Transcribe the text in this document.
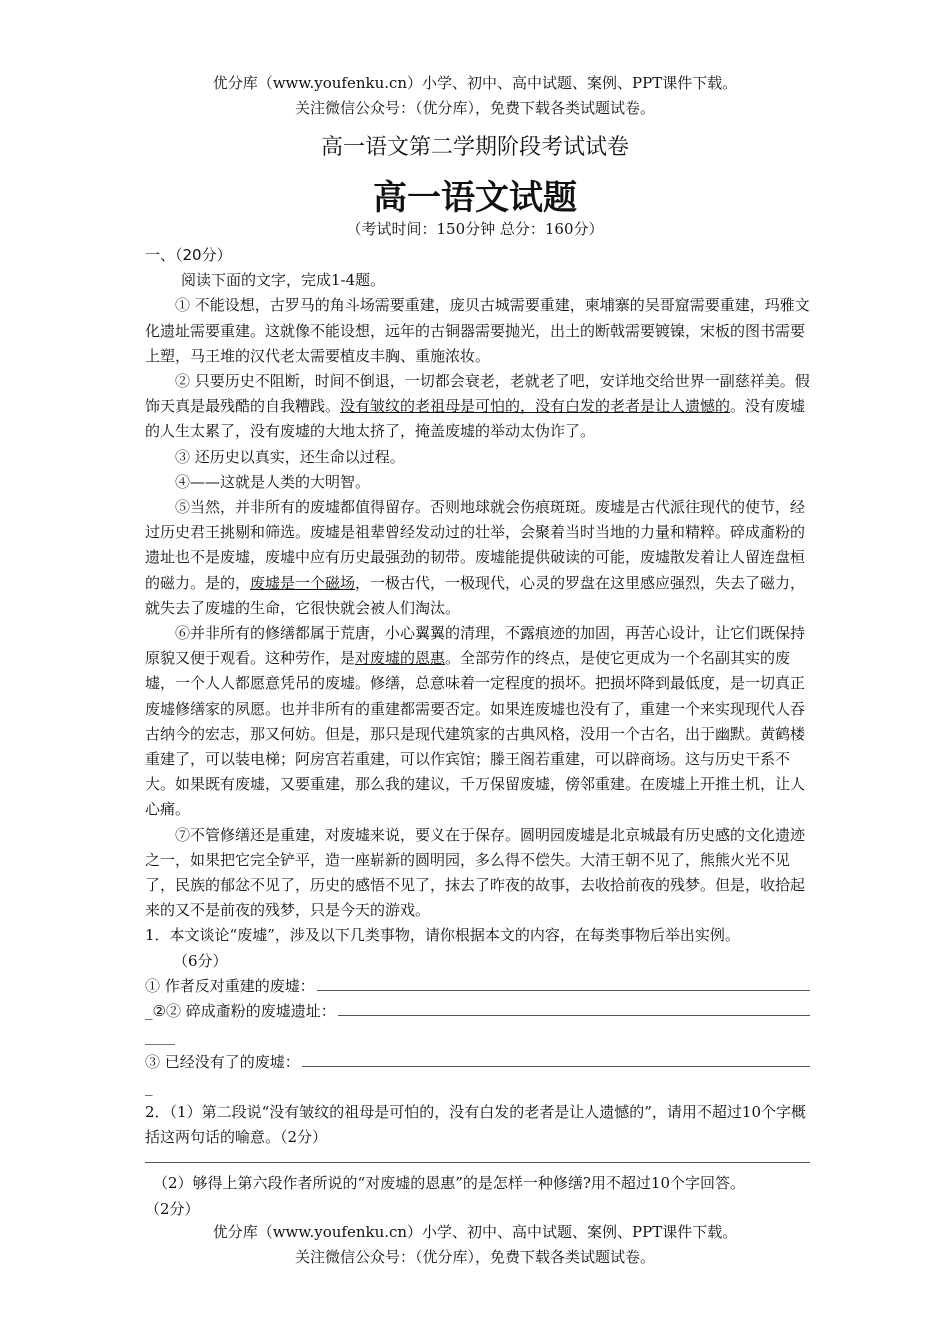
优分库（www.youfenku.cn）小学、初中、高中试题、案例、PPT课件下载。
关注微信公众号：（优分库），免费下载各类试题试卷。
高一语文第二学期阶段考试试卷
高一语文试题
（考试时间：150分钟 总分：160分）

一、（20分）

阅读下面的文字，完成1-4题。

① 不能设想，古罗马的角斗场需要重建，庞贝古城需要重建，柬埔寨的吴哥窟需要重建，玛雅文化遗址需要重建。这就像不能设想，远年的古铜器需要抛光，出土的断戟需要镀镍，宋板的图书需要上塑，马王堆的汉代老太需要植皮丰胸、重施浓妆。

② 只要历史不阻断，时间不倒退，一切都会衰老，老就老了吧，安详地交给世界一副慈祥美。假饰天真是最残酷的自我糟践。没有皱纹的老祖母是可怕的，没有白发的老者是让人遗憾的。没有废墟的人生太累了，没有废墟的大地太挤了，掩盖废墟的举动太伪诈了。

③ 还历史以真实，还生命以过程。

④——这就是人类的大明智。

⑤当然，并非所有的废墟都值得留存。否则地球就会伤痕斑斑。废墟是古代派往现代的使节，经过历史君王挑剔和筛选。废墟是祖辈曾经发动过的壮举，会聚着当时当地的力量和精粹。碎成齑粉的遗址也不是废墟，废墟中应有历史最强劲的韧带。废墟能提供破读的可能，废墟散发着让人留连盘桓的磁力。是的，废墟是一个磁场，一极古代，一极现代，心灵的罗盘在这里感应强烈，失去了磁力，就失去了废墟的生命，它很快就会被人们淘汰。

⑥并非所有的修缮都属于荒唐，小心翼翼的清理，不露痕迹的加固，再苦心设计，让它们既保持原貌又便于观看。这种劳作，是对废墟的恩惠。全部劳作的终点，是使它更成为一个名副其实的废墟，一个人人都愿意凭吊的废墟。修缮，总意味着一定程度的损坏。把损坏降到最低度，是一切真正废墟修缮家的夙愿。也并非所有的重建都需要否定。如果连废墟也没有了，重建一个来实现现代人吞古纳今的宏志，那又何妨。但是，那只是现代建筑家的古典风格，没用一个古名，出于幽默。黄鹤楼重建了，可以装电梯；阿房宫若重建，可以作宾馆；滕王阁若重建，可以辟商场。这与历史干系不大。如果既有废墟，又要重建，那么我的建议，千万保留废墟，傍邻重建。在废墟上开推土机，让人心痛。

⑦不管修缮还是重建，对废墟来说，要义在于保存。圆明园废墟是北京城最有历史感的文化遗迹之一，如果把它完全铲平，造一座崭新的圆明园，多么得不偿失。大清王朝不见了，熊熊火光不见了，民族的郁忿不见了，历史的感悟不见了，抹去了昨夜的故事，去收拾前夜的残梦。但是，收拾起来的又不是前夜的残梦，只是今天的游戏。

1．本文谈论“废墟”，涉及以下几类事物，请你根据本文的内容，在每类事物后举出实例。

（6分）

① 作者反对重建的废墟：
_② ② 碎成齑粉的废墟遗址：

____

③ 已经没有了的废墟：

_

2．（1）第二段说“没有皱纹的祖母是可怕的，没有白发的老者是让人遗憾的”，请用不超过10个字概括这两句话的喻意。（2分）

（2）够得上第六段作者所说的“对废墟的恩惠”的是怎样一种修缮?用不超过10个字回答。

（2分）

优分库（www.youfenku.cn）小学、初中、高中试题、案例、PPT课件下载。
关注微信公众号：（优分库），免费下载各类试题试卷。
